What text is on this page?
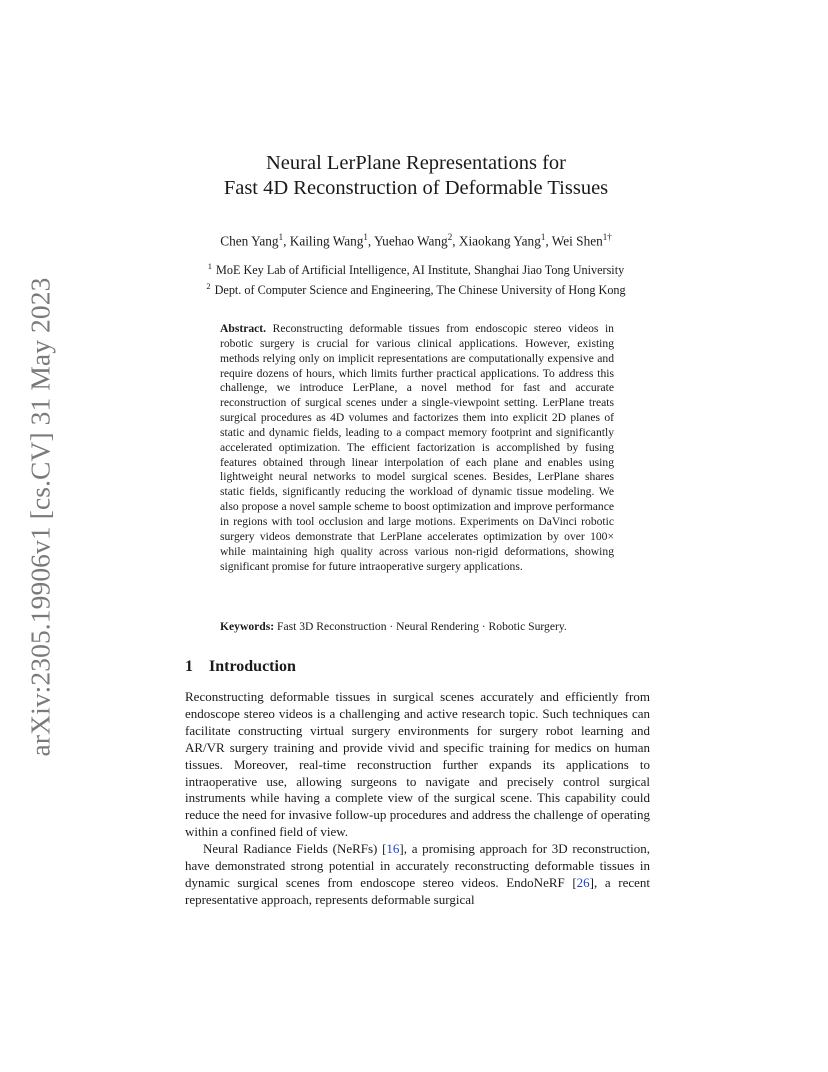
arXiv:2305.19906v1 [cs.CV] 31 May 2023
Neural LerPlane Representations for
Fast 4D Reconstruction of Deformable Tissues
Chen Yang$^1$, Kailing Wang$^1$, Yuehao Wang$^2$, Xiaokang Yang$^1$, Wei Shen$^{1\dagger}$
$^1$ MoE Key Lab of Artificial Intelligence, AI Institute, Shanghai Jiao Tong University
$^2$ Dept. of Computer Science and Engineering, The Chinese University of Hong Kong

Abstract. Reconstructing deformable tissues from endoscopic stereo videos in robotic surgery is crucial for various clinical applications. However, existing methods relying only on implicit representations are computationally expensive and require dozens of hours, which limits further practical applications. To address this challenge, we introduce LerPlane, a novel method for fast and accurate reconstruction of surgical scenes under a single-viewpoint setting. LerPlane treats surgical procedures as 4D volumes and factorizes them into explicit 2D planes of static and dynamic fields, leading to a compact memory footprint and significantly accelerated optimization. The efficient factorization is accomplished by fusing features obtained through linear interpolation of each plane and enables using lightweight neural networks to model surgical scenes. Besides, LerPlane shares static fields, significantly reducing the workload of dynamic tissue modeling. We also propose a novel sample scheme to boost optimization and improve performance in regions with tool occlusion and large motions. Experiments on DaVinci robotic surgery videos demonstrate that LerPlane accelerates optimization by over 100× while maintaining high quality across various non-rigid deformations, showing significant promise for future intraoperative surgery applications.

Keywords: Fast 3D Reconstruction · Neural Rendering · Robotic Surgery.
1 Introduction

Reconstructing deformable tissues in surgical scenes accurately and efficiently from endoscope stereo videos is a challenging and active research topic. Such techniques can facilitate constructing virtual surgery environments for surgery robot learning and AR/VR surgery training and provide vivid and specific training for medics on human tissues. Moreover, real-time reconstruction further expands its applications to intraoperative use, allowing surgeons to navigate and precisely control surgical instruments while having a complete view of the surgical scene. This capability could reduce the need for invasive follow-up procedures and address the challenge of operating within a confined field of view.

Neural Radiance Fields (NeRFs) [16], a promising approach for 3D reconstruction, have demonstrated strong potential in accurately reconstructing deformable tissues in dynamic surgical scenes from endoscope stereo videos. EndoNeRF [26], a recent representative approach, represents deformable surgical
